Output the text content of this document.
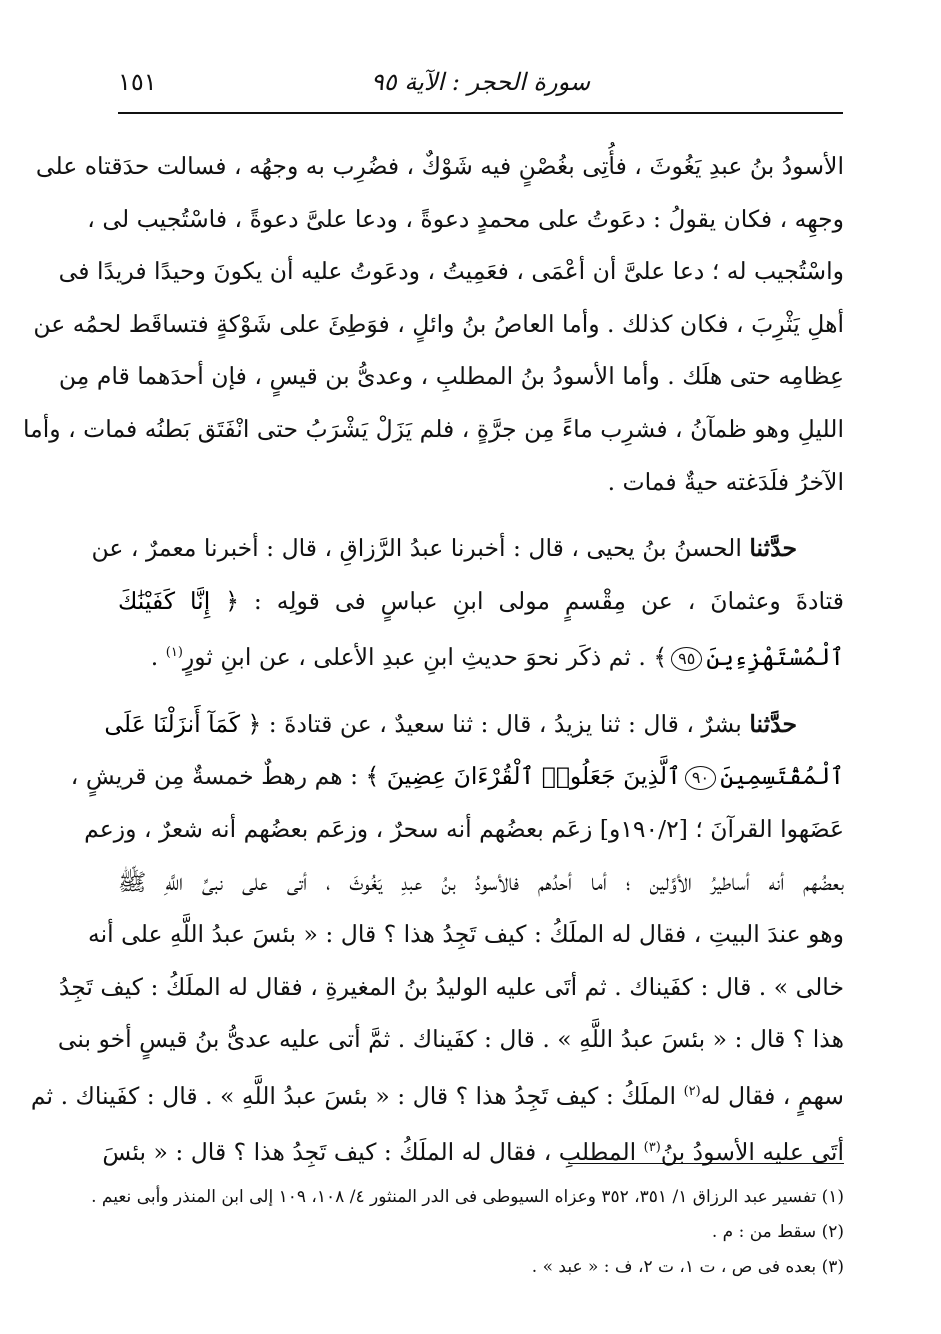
سورة الحجر : الآية ٩٥
١٥١

الأسودُ بنُ عبدِ يَغُوثَ ، فأُتِى بغُصْنٍ فيه شَوْكٌ ، فضُرِب به وجهُه ، فسالت حدَقتاه على
وجهِه ، فكان يقولُ : دعَوتُ على محمدٍ دعوةً ، ودعا علىَّ دعوةً ، فاسْتُجيب لى ،
واسْتُجيب له ؛ دعا علىَّ أن أعْمَى ، فعَمِيتُ ، ودعَوتُ عليه أن يكونَ وحيدًا فريدًا فى
أهلِ يَثْرِبَ ، فكان كذلك . وأما العاصُ بنُ وائلٍ ، فوَطِئَ على شَوْكةٍ فتساقَط لحمُه عن
عِظامِه حتى هلَك . وأما الأسودُ بنُ المطلبِ ، وعدىُّ بن قيسٍ ، فإن أحدَهما قام مِن
الليلِ وهو ظمآنُ ، فشرِب ماءً مِن جرَّةٍ ، فلم يَزَلْ يَشْرَبُ حتى انْفَتَق بَطنُه فمات ، وأما
الآخرُ فلَدَغته حيةٌ فمات .

  حدَّثنا الحسنُ بنُ يحيى ، قال : أخبرنا عبدُ الرَّزاقِ ، قال : أخبرنا معمرٌ ، عن
قتادةَ وعثمانَ ، عن مِقْسمٍ مولى ابنِ عباسٍ فى قولِه : ﴿ إِنَّا كَفَيْنَٰكَ
ٱلْمُسْتَهْزِءِينَ٩٥﴾ . ثم ذكَر نحوَ حديثِ ابنِ عبدِ الأعلى ، عن ابنِ ثورٍ$^{(١)}$ .

  حدَّثنا بشرٌ ، قال : ثنا يزيدُ ، قال : ثنا سعيدٌ ، عن قتادةَ : ﴿ كَمَآ أَنزَلْنَا عَلَى
ٱلْمُقْتَسِمِينَ٩٠ٱلَّذِينَ جَعَلُوا۟ ٱلْقُرْءَانَ عِضِينَ ﴾ : هم رهطٌ خمسةٌ مِن قريشٍ ،
عَضَهوا القرآنَ ؛ [١٩٠/٢و] زعَم بعضُهم أنه سحرٌ ، وزعَم بعضُهم أنه شعرٌ ، وزعم
بعضُهم أنه أساطيرُ الأوَّلين ؛ أما أحدُهم فالأسودُ بنُ عبدِ يَغُوثَ ، أتى على نبىِّ اللَّهِ ﷺ
وهو عندَ البيتِ ، فقال له الملَكُ : كيف تَجِدُ هذا ؟ قال : « بئسَ عبدُ اللَّهِ على أنه
خالى » . قال : كفَيناك . ثم أتَى عليه الوليدُ بنُ المغيرةِ ، فقال له الملَكُ : كيف تَجِدُ
هذا ؟ قال : « بئسَ عبدُ اللَّهِ » . قال : كفَيناك . ثمَّ أتى عليه عدىُّ بنُ قيسٍ أخو بنى
سهمٍ ، فقال له$^{(٢)}$ الملَكُ : كيف تَجِدُ هذا ؟ قال : « بئسَ عبدُ اللَّهِ » . قال : كفَيناك . ثم
أتَى عليه الأسودُ بنُ$^{(٣)}$ المطلبِ ، فقال له الملَكُ : كيف تَجِدُ هذا ؟ قال : « بئسَ

(١) تفسير عبد الرزاق ١/ ٣٥١، ٣٥٢ وعزاه السيوطى فى الدر المنثور ٤/ ١٠٨، ١٠٩ إلى ابن المنذر وأبى نعيم .
(٢) سقط من : م .
(٣) بعده فى ص ، ت ١، ت ٢، ف : « عبد » .
